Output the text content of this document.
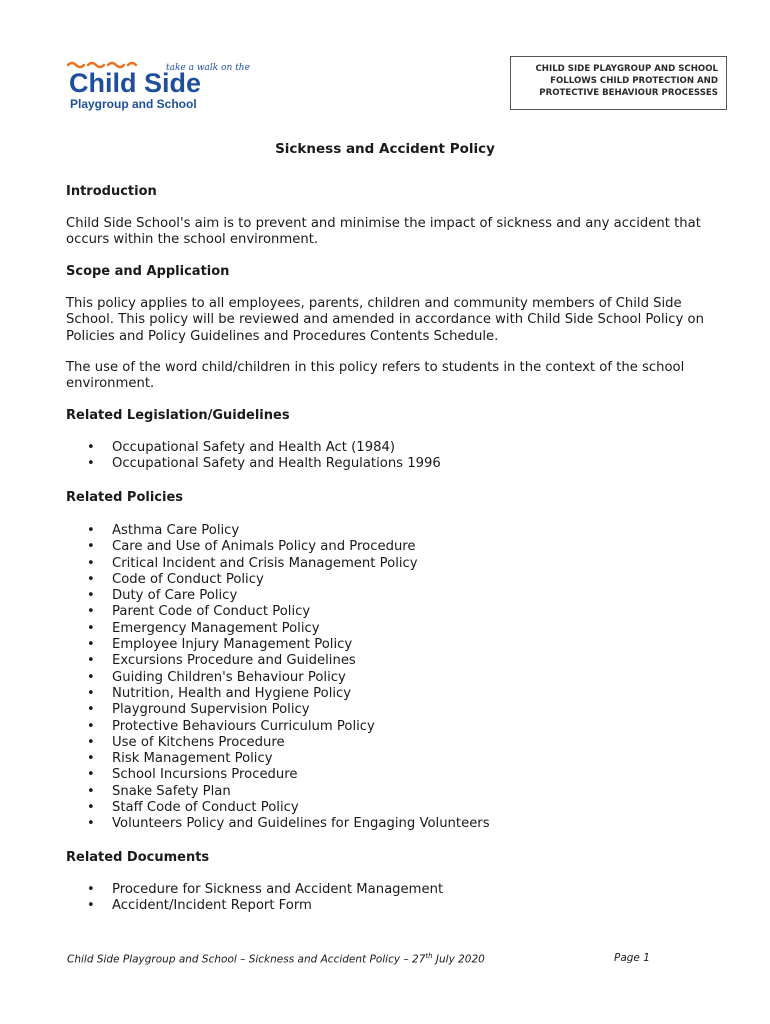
take a walk on the
Child Side
Playgroup and School
CHILD SIDE PLAYGROUP AND SCHOOL
FOLLOWS CHILD PROTECTION AND
PROTECTIVE BEHAVIOUR PROCESSES
Sickness and Accident Policy
Introduction
Child Side School's aim is to prevent and minimise the impact of sickness and any accident that occurs within the school environment.
Scope and Application
This policy applies to all employees, parents, children and community members of Child Side School. This policy will be reviewed and amended in accordance with Child Side School Policy on Policies and Policy Guidelines and Procedures Contents Schedule.
The use of the word child/children in this policy refers to students in the context of the school environment.
Related Legislation/Guidelines
• Occupational Safety and Health Act (1984)
• Occupational Safety and Health Regulations 1996
Related Policies
• Asthma Care Policy
• Care and Use of Animals Policy and Procedure
• Critical Incident and Crisis Management Policy
• Code of Conduct Policy
• Duty of Care Policy
• Parent Code of Conduct Policy
• Emergency Management Policy
• Employee Injury Management Policy
• Excursions Procedure and Guidelines
• Guiding Children's Behaviour Policy
• Nutrition, Health and Hygiene Policy
• Playground Supervision Policy
• Protective Behaviours Curriculum Policy
• Use of Kitchens Procedure
• Risk Management Policy
• School Incursions Procedure
• Snake Safety Plan
• Staff Code of Conduct Policy
• Volunteers Policy and Guidelines for Engaging Volunteers
Related Documents
• Procedure for Sickness and Accident Management
• Accident/Incident Report Form
Child Side Playgroup and School – Sickness and Accident Policy – 27th July 2020	Page 1
